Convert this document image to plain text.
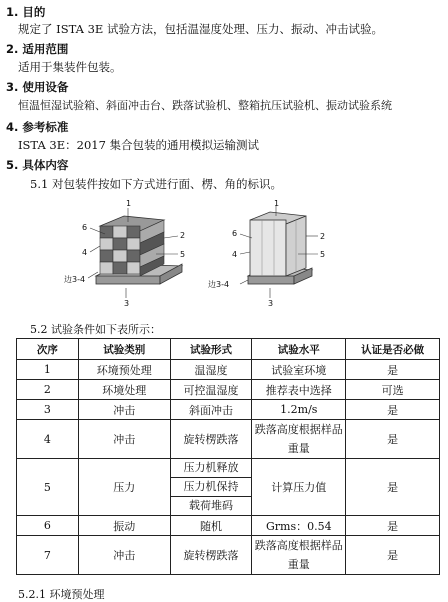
1. 目的
规定了 ISTA 3E 试验方法，包括温湿度处理、压力、振动、冲击试验。
2. 适用范围
适用于集装件包装。
3. 使用设备
恒温恒湿试验箱、斜面冲击台、跌落试验机、整箱抗压试验机、振动试验系统
4. 参考标准
ISTA 3E：2017 集合包装的通用模拟运输测试
5. 具体内容
5.1 对包装件按如下方式进行面、楞、角的标识。
1
2
3
4	5
6
边3-4
1
2
3
4	5
6
边3-4
5.2 试验条件如下表所示：
次序	试验类别	试验形式	试验水平	认证是否必做
1	环境预处理	温湿度	试验室环境	是
2	环境处理	可控温湿度	推荐表中选择	可选
3	冲击	斜面冲击	1.2m/s	是
4	冲击	旋转楞跌落	跌落高度根据样品重量	是
5	压力	压力机释放
压力机保持
载荷堆码	计算压力值	是
6	振动	随机	Grms：0.54	是
7	冲击	旋转楞跌落	跌落高度根据样品重量	是
5.2.1 环境预处理
